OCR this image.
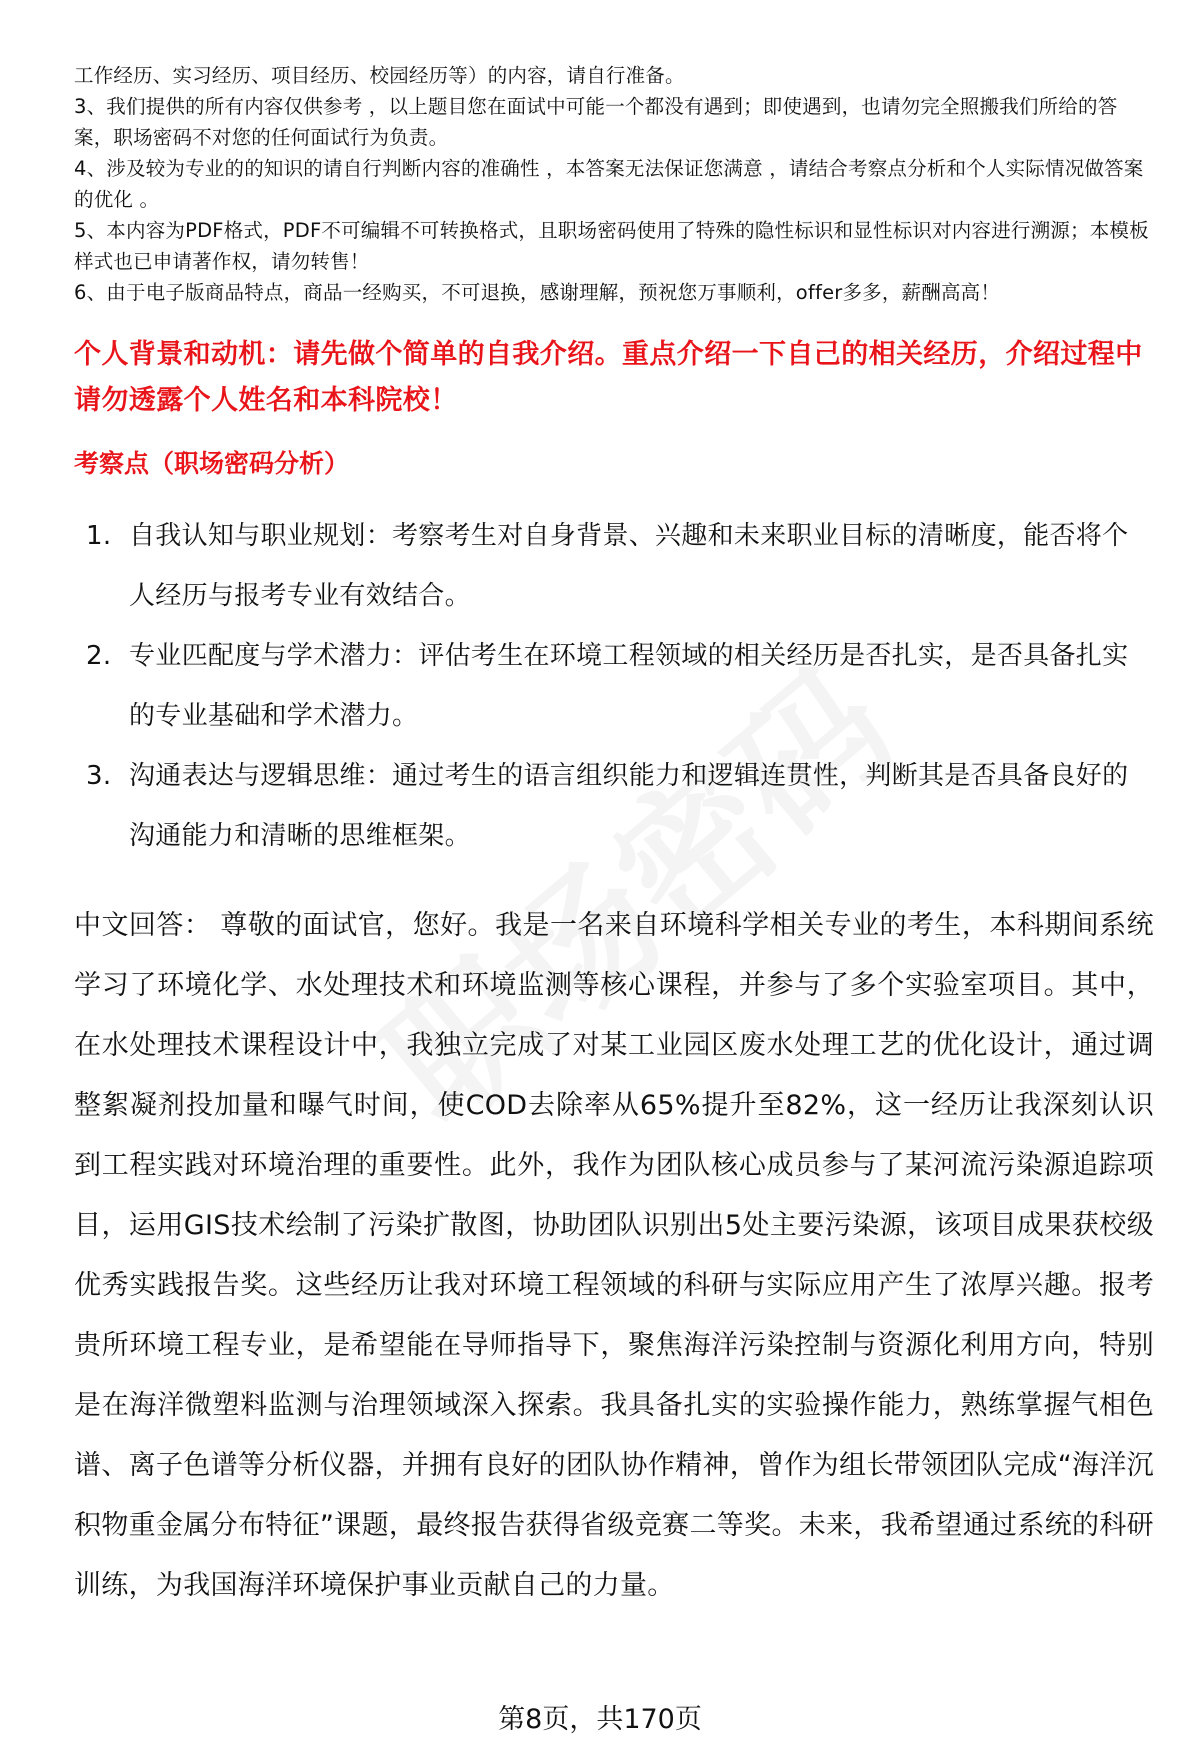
工作经历、实习经历、项目经历、校园经历等）的内容，请自行准备。

3、我们提供的所有内容仅供参考 ，以上题目您在面试中可能一个都没有遇到；即使遇到，也请勿完全照搬我们所给的答案，职场密码不对您的任何面试行为负责。

4、涉及较为专业的的知识的请自行判断内容的准确性 ，本答案无法保证您满意 ，请结合考察点分析和个人实际情况做答案的优化 。

5、本内容为PDF格式，PDF不可编辑不可转换格式，且职场密码使用了特殊的隐性标识和显性标识对内容进行溯源；本模板样式也已申请著作权，请勿转售！

6、由于电子版商品特点，商品一经购买，不可退换，感谢理解，预祝您万事顺利，offer多多，薪酬高高！

个人背景和动机：请先做个简单的自我介绍。重点介绍一下自己的相关经历，介绍过程中请勿透露个人姓名和本科院校！

考察点（职场密码分析）

1. 自我认知与职业规划：考察考生对自身背景、兴趣和未来职业目标的清晰度，能否将个人经历与报考专业有效结合。
2. 专业匹配度与学术潜力：评估考生在环境工程领域的相关经历是否扎实，是否具备扎实的专业基础和学术潜力。
3. 沟通表达与逻辑思维：通过考生的语言组织能力和逻辑连贯性，判断其是否具备良好的沟通能力和清晰的思维框架。

中文回答： 尊敬的面试官，您好。我是一名来自环境科学相关专业的考生，本科期间系统学习了环境化学、水处理技术和环境监测等核心课程，并参与了多个实验室项目。其中，在水处理技术课程设计中，我独立完成了对某工业园区废水处理工艺的优化设计，通过调整絮凝剂投加量和曝气时间，使COD去除率从65%提升至82%，这一经历让我深刻认识到工程实践对环境治理的重要性。此外，我作为团队核心成员参与了某河流污染源追踪项目，运用GIS技术绘制了污染扩散图，协助团队识别出5处主要污染源，该项目成果获校级优秀实践报告奖。这些经历让我对环境工程领域的科研与实际应用产生了浓厚兴趣。报考贵所环境工程专业，是希望能在导师指导下，聚焦海洋污染控制与资源化利用方向，特别是在海洋微塑料监测与治理领域深入探索。我具备扎实的实验操作能力，熟练掌握气相色谱、离子色谱等分析仪器，并拥有良好的团队协作精神，曾作为组长带领团队完成“海洋沉积物重金属分布特征”课题，最终报告获得省级竞赛二等奖。未来，我希望通过系统的科研训练，为我国海洋环境保护事业贡献自己的力量。

第8页，共170页
